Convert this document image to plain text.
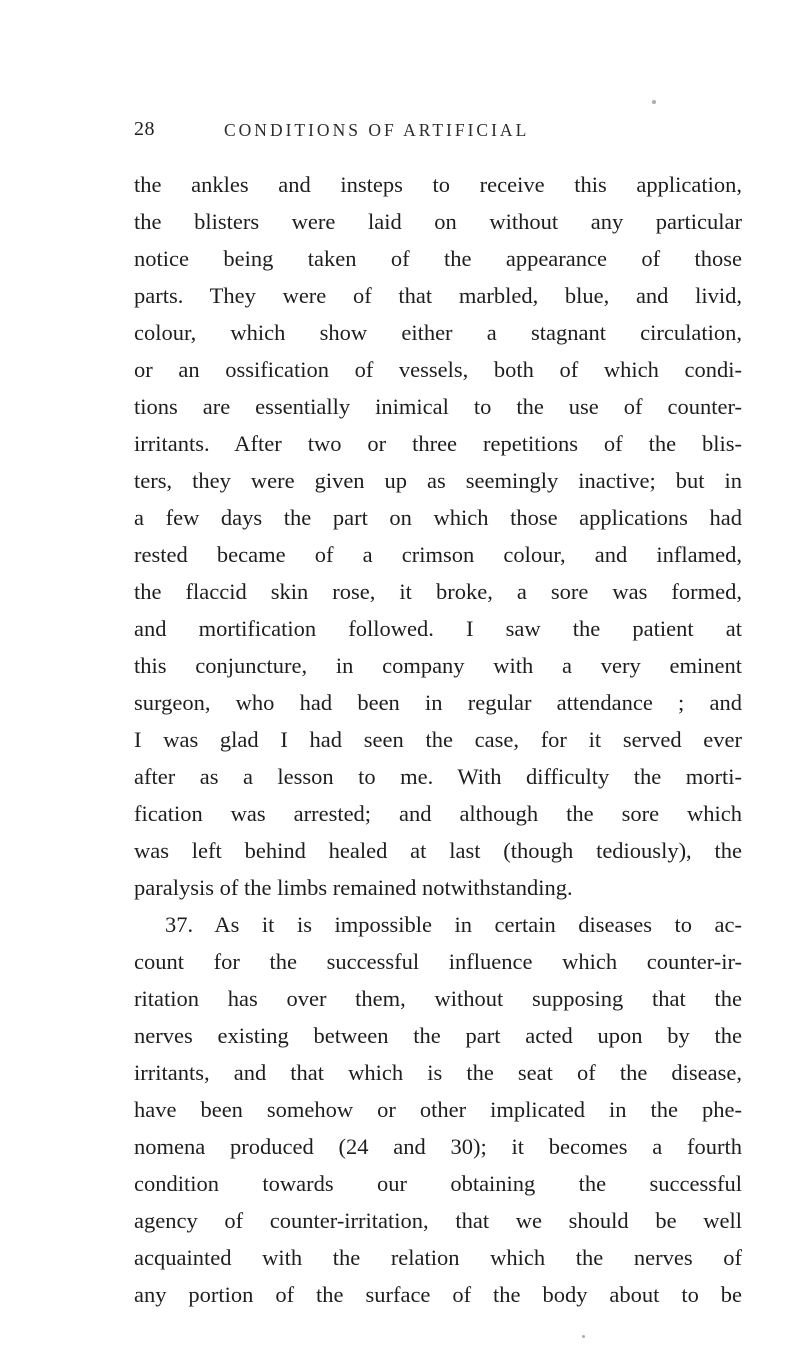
28	CONDITIONS OF ARTIFICIAL
the ankles and insteps to receive this application,
the blisters were laid on without any particular
notice being taken of the appearance of those
parts. They were of that marbled, blue, and livid,
colour, which show either a stagnant circulation,
or an ossification of vessels, both of which condi-
tions are essentially inimical to the use of counter-
irritants. After two or three repetitions of the blis-
ters, they were given up as seemingly inactive; but in
a few days the part on which those applications had
rested became of a crimson colour, and inflamed,
the flaccid skin rose, it broke, a sore was formed,
and mortification followed. I saw the patient at
this conjuncture, in company with a very eminent
surgeon, who had been in regular attendance ; and
I was glad I had seen the case, for it served ever
after as a lesson to me. With difficulty the morti-
fication was arrested; and although the sore which
was left behind healed at last (though tediously), the
paralysis of the limbs remained notwithstanding.
37. As it is impossible in certain diseases to ac-
count for the successful influence which counter-ir-
ritation has over them, without supposing that the
nerves existing between the part acted upon by the
irritants, and that which is the seat of the disease,
have been somehow or other implicated in the phe-
nomena produced (24 and 30); it becomes a fourth
condition towards our obtaining the successful
agency of counter-irritation, that we should be well
acquainted with the relation which the nerves of
any portion of the surface of the body about to be
